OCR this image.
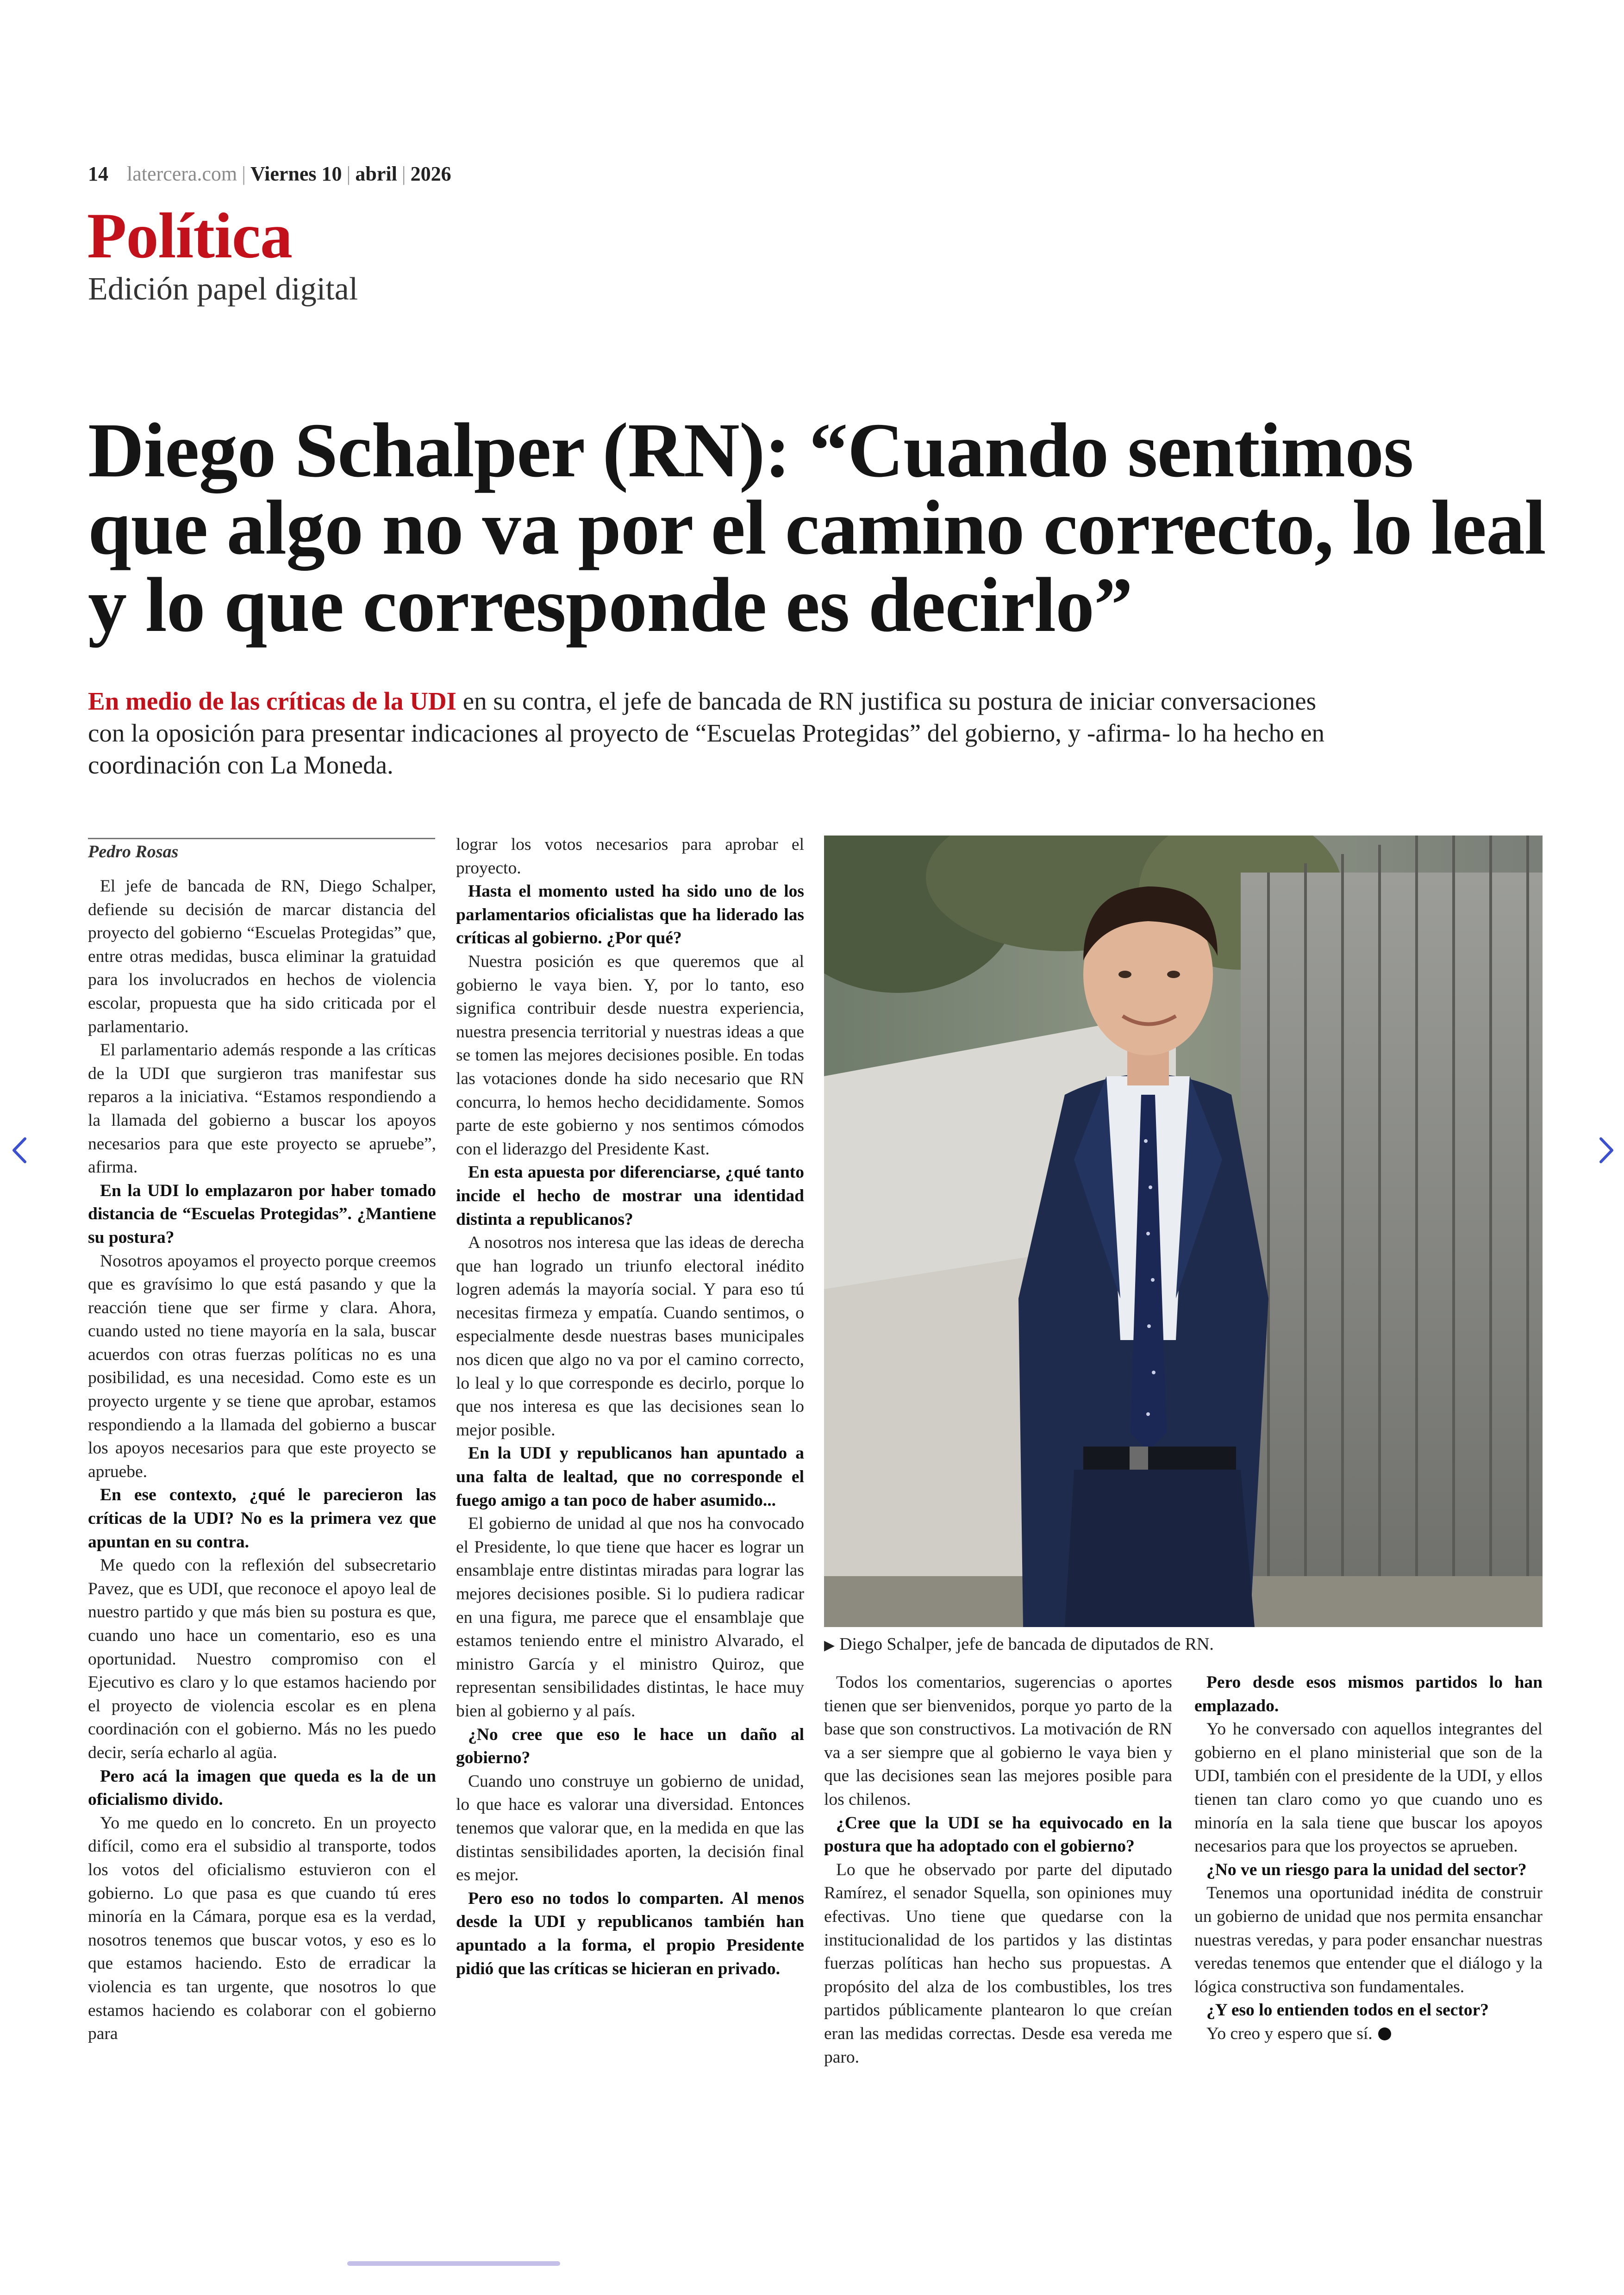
14 latercera.com | Viernes 10 | abril | 2026
Política
Edición papel digital
Diego Schalper (RN): “Cuando sentimos que algo no va por el camino correcto, lo leal y lo que corresponde es decirlo”
En medio de las críticas de la UDI en su contra, el jefe de bancada de RN justifica su postura de iniciar conversaciones con la oposición para presentar indicaciones al proyecto de “Escuelas Protegidas” del gobierno, y -afirma- lo ha hecho en coordinación con La Moneda.
Pedro Rosas

El jefe de bancada de RN, Diego Schalper, defiende su decisión de marcar distancia del proyecto del gobierno “Escuelas Protegidas” que, entre otras medidas, busca eliminar la gratuidad para los involucrados en hechos de violencia escolar, propuesta que ha sido criticada por el parlamentario.

El parlamentario además responde a las críticas de la UDI que surgieron tras manifestar sus reparos a la iniciativa. “Estamos respondiendo a la llamada del gobierno a buscar los apoyos necesarios para que este proyecto se apruebe”, afirma.

En la UDI lo emplazaron por haber tomado distancia de “Escuelas Protegidas”. ¿Mantiene su postura?

Nosotros apoyamos el proyecto porque creemos que es gravísimo lo que está pasando y que la reacción tiene que ser firme y clara. Ahora, cuando usted no tiene mayoría en la sala, buscar acuerdos con otras fuerzas políticas no es una posibilidad, es una necesidad. Como este es un proyecto urgente y se tiene que aprobar, estamos respondiendo a la llamada del gobierno a buscar los apoyos necesarios para que este proyecto se apruebe.

En ese contexto, ¿qué le parecieron las críticas de la UDI? No es la primera vez que apuntan en su contra.

Me quedo con la reflexión del subsecretario Pavez, que es UDI, que reconoce el apoyo leal de nuestro partido y que más bien su postura es que, cuando uno hace un comentario, eso es una oportunidad. Nuestro compromiso con el Ejecutivo es claro y lo que estamos haciendo por el proyecto de violencia escolar es en plena coordinación con el gobierno. Más no les puedo decir, sería echarlo al agüa.

Pero acá la imagen que queda es la de un oficialismo divido.

Yo me quedo en lo concreto. En un proyecto difícil, como era el subsidio al transporte, todos los votos del oficialismo estuvieron con el gobierno. Lo que pasa es que cuando tú eres minoría en la Cámara, porque esa es la verdad, nosotros tenemos que buscar votos, y eso es lo que estamos haciendo. Esto de erradicar la violencia es tan urgente, que nosotros lo que estamos haciendo es colaborar con el gobierno para

lograr los votos necesarios para aprobar el proyecto.

Hasta el momento usted ha sido uno de los parlamentarios oficialistas que ha liderado las críticas al gobierno. ¿Por qué?

Nuestra posición es que queremos que al gobierno le vaya bien. Y, por lo tanto, eso significa contribuir desde nuestra experiencia, nuestra presencia territorial y nuestras ideas a que se tomen las mejores decisiones posible. En todas las votaciones donde ha sido necesario que RN concurra, lo hemos hecho decididamente. Somos parte de este gobierno y nos sentimos cómodos con el liderazgo del Presidente Kast.

En esta apuesta por diferenciarse, ¿qué tanto incide el hecho de mostrar una identidad distinta a republicanos?

A nosotros nos interesa que las ideas de derecha que han logrado un triunfo electoral inédito logren además la mayoría social. Y para eso tú necesitas firmeza y empatía. Cuando sentimos, o especialmente desde nuestras bases municipales nos dicen que algo no va por el camino correcto, lo leal y lo que corresponde es decirlo, porque lo que nos interesa es que las decisiones sean lo mejor posible.

En la UDI y republicanos han apuntado a una falta de lealtad, que no corresponde el fuego amigo a tan poco de haber asumido...

El gobierno de unidad al que nos ha convocado el Presidente, lo que tiene que hacer es lograr un ensamblaje entre distintas miradas para lograr las mejores decisiones posible. Si lo pudiera radicar en una figura, me parece que el ensamblaje que estamos teniendo entre el ministro Alvarado, el ministro García y el ministro Quiroz, que representan sensibilidades distintas, le hace muy bien al gobierno y al país.

¿No cree que eso le hace un daño al gobierno?

Cuando uno construye un gobierno de unidad, lo que hace es valorar una diversidad. Entonces tenemos que valorar que, en la medida en que las distintas sensibilidades aporten, la decisión final es mejor.

Pero eso no todos lo comparten. Al menos desde la UDI y republicanos también han apuntado a la forma, el propio Presidente pidió que las críticas se hicieran en privado.

Todos los comentarios, sugerencias o aportes tienen que ser bienvenidos, porque yo parto de la base que son constructivos. La motivación de RN va a ser siempre que al gobierno le vaya bien y que las decisiones sean las mejores posible para los chilenos.

¿Cree que la UDI se ha equivocado en la postura que ha adoptado con el gobierno?

Lo que he observado por parte del diputado Ramírez, el senador Squella, son opiniones muy efectivas. Uno tiene que quedarse con la institucionalidad de los partidos y las distintas fuerzas políticas han hecho sus propuestas. A propósito del alza de los combustibles, los tres partidos públicamente plantearon lo que creían eran las medidas correctas. Desde esa vereda me paro.

Pero desde esos mismos partidos lo han emplazado.

Yo he conversado con aquellos integrantes del gobierno en el plano ministerial que son de la UDI, también con el presidente de la UDI, y ellos tienen tan claro como yo que cuando uno es minoría en la sala tiene que buscar los apoyos necesarios para que los proyectos se aprueben.

¿No ve un riesgo para la unidad del sector?

Tenemos una oportunidad inédita de construir un gobierno de unidad que nos permita ensanchar nuestras veredas, y para poder ensanchar nuestras veredas tenemos que entender que el diálogo y la lógica constructiva son fundamentales.

¿Y eso lo entienden todos en el sector?

Yo creo y espero que sí.

▶ Diego Schalper, jefe de bancada de diputados de RN.
